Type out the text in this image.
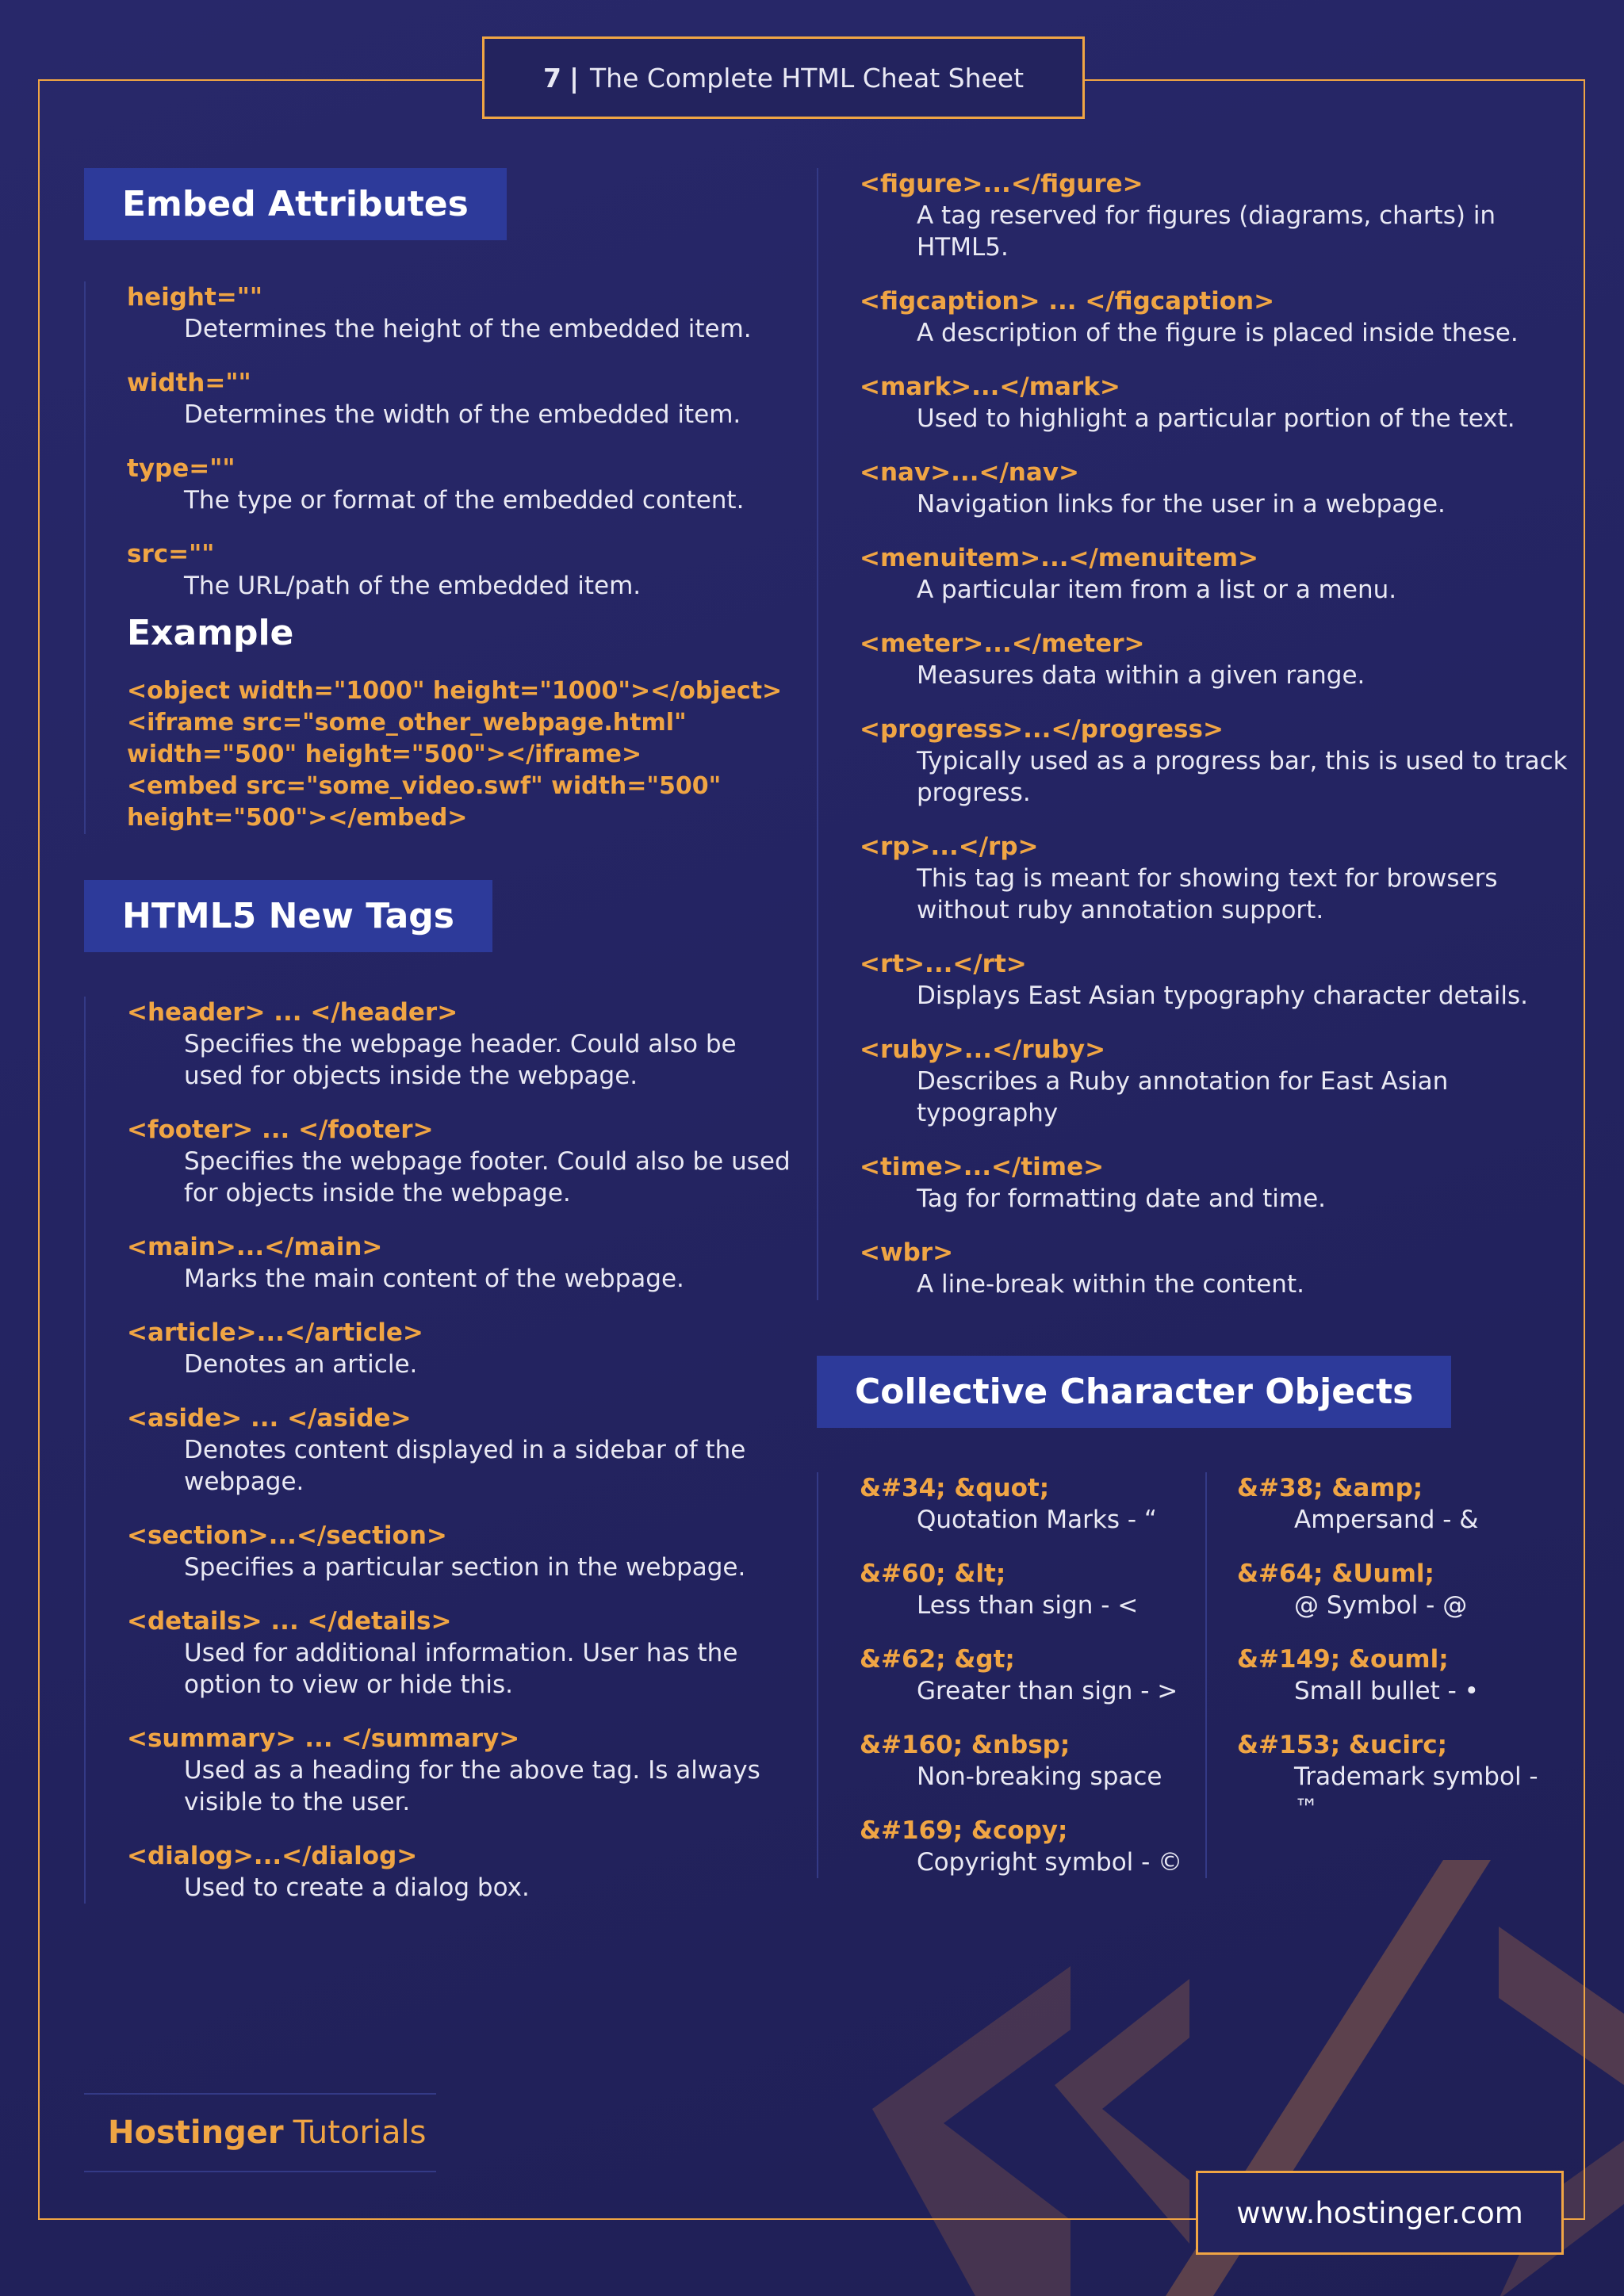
7 | The Complete HTML Cheat Sheet
Embed Attributes
height=""
Determines the height of the embedded item.
width=""
Determines the width of the embedded item.
type=""
The type or format of the embedded content.
src=""
The URL/path of the embedded item.
Example
<object width="1000" height="1000"></object>
<iframe src="some_other_webpage.html"
width="500" height="500"></iframe>
<embed src="some_video.swf" width="500"
height="500"></embed>
HTML5 New Tags
<header> ... </header>
Specifies the webpage header. Could also be used for objects inside the webpage.
<footer> ... </footer>
Specifies the webpage footer. Could also be used for objects inside the webpage.
<main>...</main>
Marks the main content of the webpage.
<article>...</article>
Denotes an article.
<aside> ... </aside>
Denotes content displayed in a sidebar of the webpage.
<section>...</section>
Specifies a particular section in the webpage.
<details> ... </details>
Used for additional information. User has the option to view or hide this.
<summary> ... </summary>
Used as a heading for the above tag. Is always visible to the user.
<dialog>...</dialog>
Used to create a dialog box.
<figure>...</figure>
A tag reserved for figures (diagrams, charts) in HTML5.
<figcaption> ... </figcaption>
A description of the figure is placed inside these.
<mark>...</mark>
Used to highlight a particular portion of the text.
<nav>...</nav>
Navigation links for the user in a webpage.
<menuitem>...</menuitem>
A particular item from a list or a menu.
<meter>...</meter>
Measures data within a given range.
<progress>...</progress>
Typically used as a progress bar, this is used to track progress.
<rp>...</rp>
This tag is meant for showing text for browsers without ruby annotation support.
<rt>...</rt>
Displays East Asian typography character details.
<ruby>...</ruby>
Describes a Ruby annotation for East Asian typography
<time>...</time>
Tag for formatting date and time.
<wbr>
A line-break within the content.
Collective Character Objects
&#34; &quot;
Quotation Marks - “
&#60; &lt;
Less than sign - <
&#62; &gt;
Greater than sign - >
&#160; &nbsp;
Non-breaking space
&#169; &copy;
Copyright symbol - ©
&#38; &amp;
Ampersand - &
&#64; &Uuml;
@ Symbol - @
&#149; &ouml;
Small bullet - •
&#153; &ucirc;
Trademark symbol - ™
Hostinger Tutorials
www.hostinger.com
